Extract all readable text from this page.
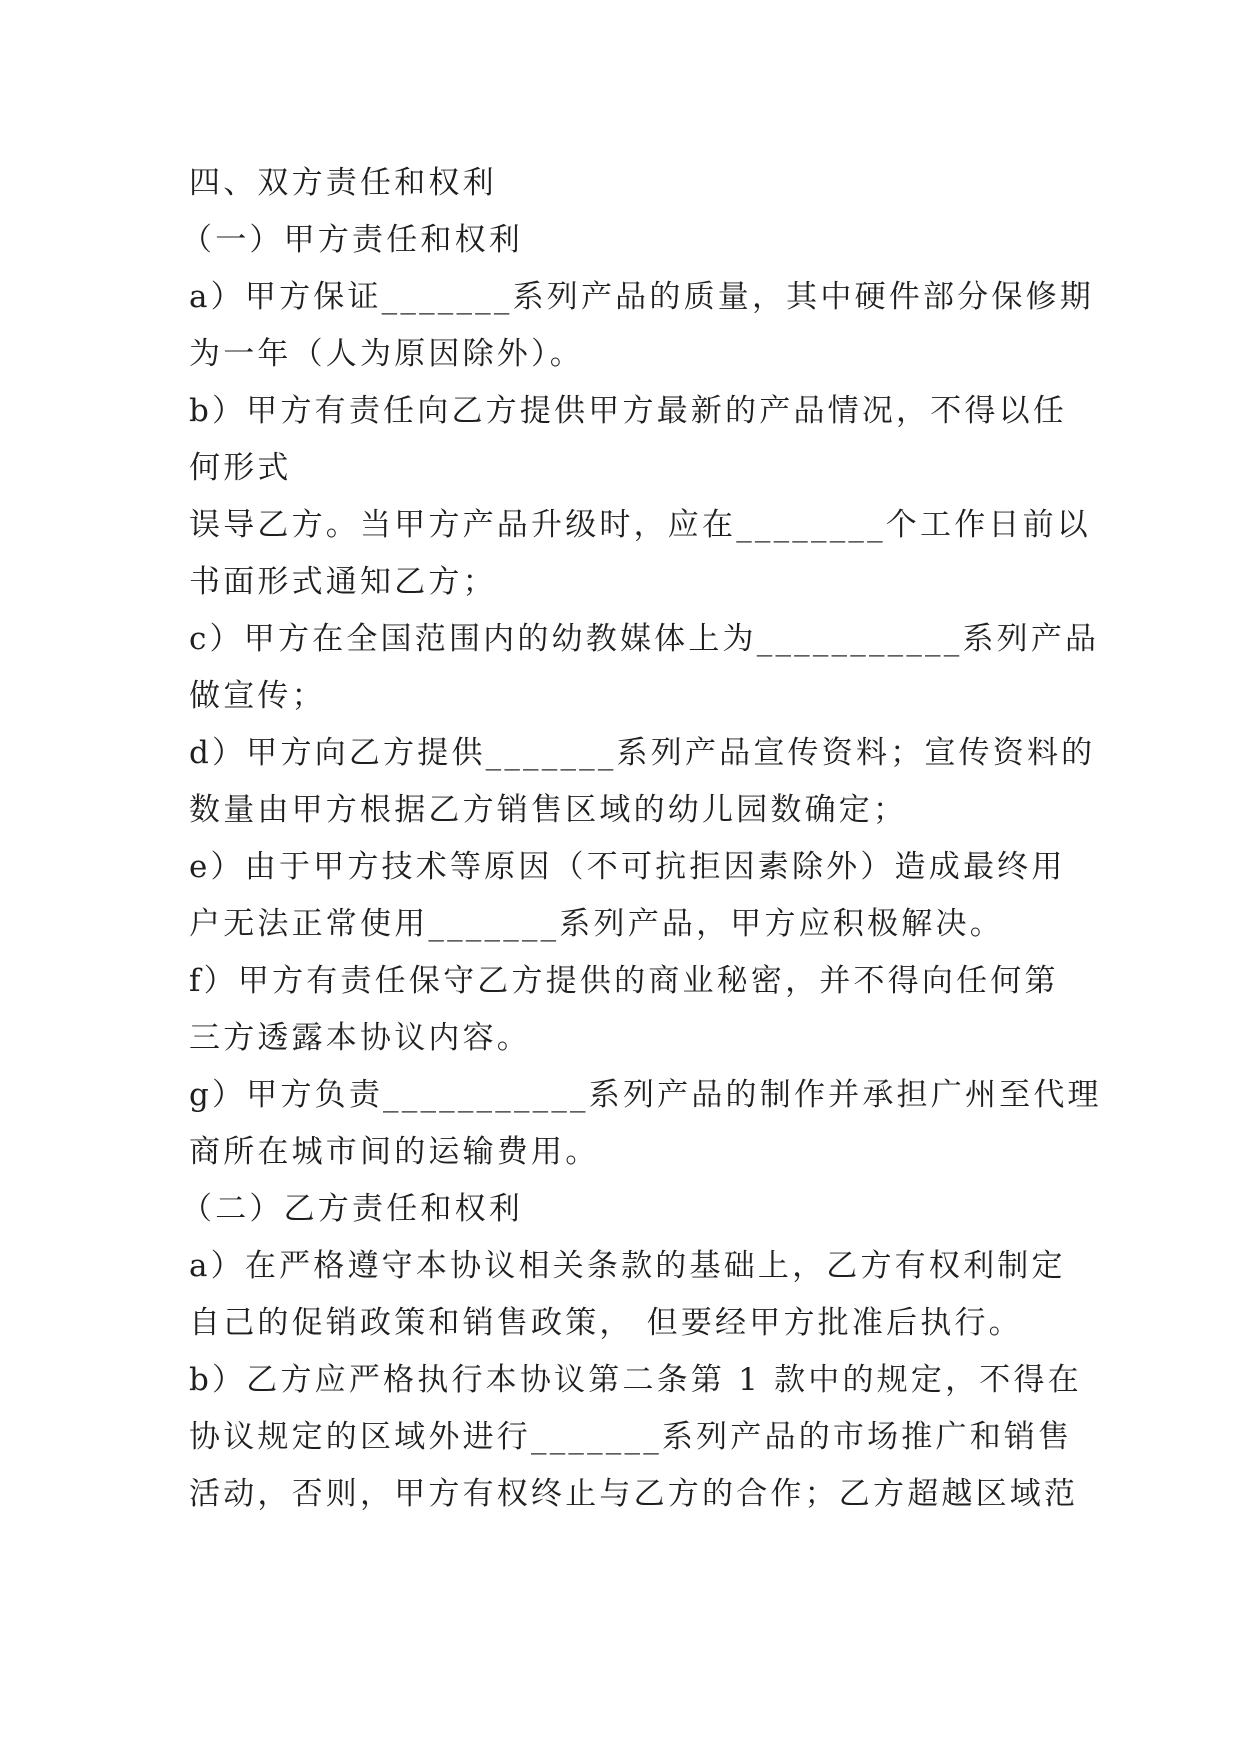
四、双方责任和权利
（一）甲方责任和权利
a）甲方保证_______系列产品的质量，其中硬件部分保修期
为一年（人为原因除外）。
b）甲方有责任向乙方提供甲方最新的产品情况，不得以任
何形式
误导乙方。当甲方产品升级时，应在________个工作日前以
书面形式通知乙方；
c）甲方在全国范围内的幼教媒体上为___________系列产品
做宣传；
d）甲方向乙方提供_______系列产品宣传资料；宣传资料的
数量由甲方根据乙方销售区域的幼儿园数确定；
e）由于甲方技术等原因（不可抗拒因素除外）造成最终用
户无法正常使用_______系列产品，甲方应积极解决。
f）甲方有责任保守乙方提供的商业秘密，并不得向任何第
三方透露本协议内容。
g）甲方负责___________系列产品的制作并承担广州至代理
商所在城市间的运输费用。
（二）乙方责任和权利
a）在严格遵守本协议相关条款的基础上，乙方有权利制定
自己的促销政策和销售政策， 但要经甲方批准后执行。
b）乙方应严格执行本协议第二条第 1 款中的规定，不得在
协议规定的区域外进行_______系列产品的市场推广和销售
活动，否则，甲方有权终止与乙方的合作；乙方超越区域范
